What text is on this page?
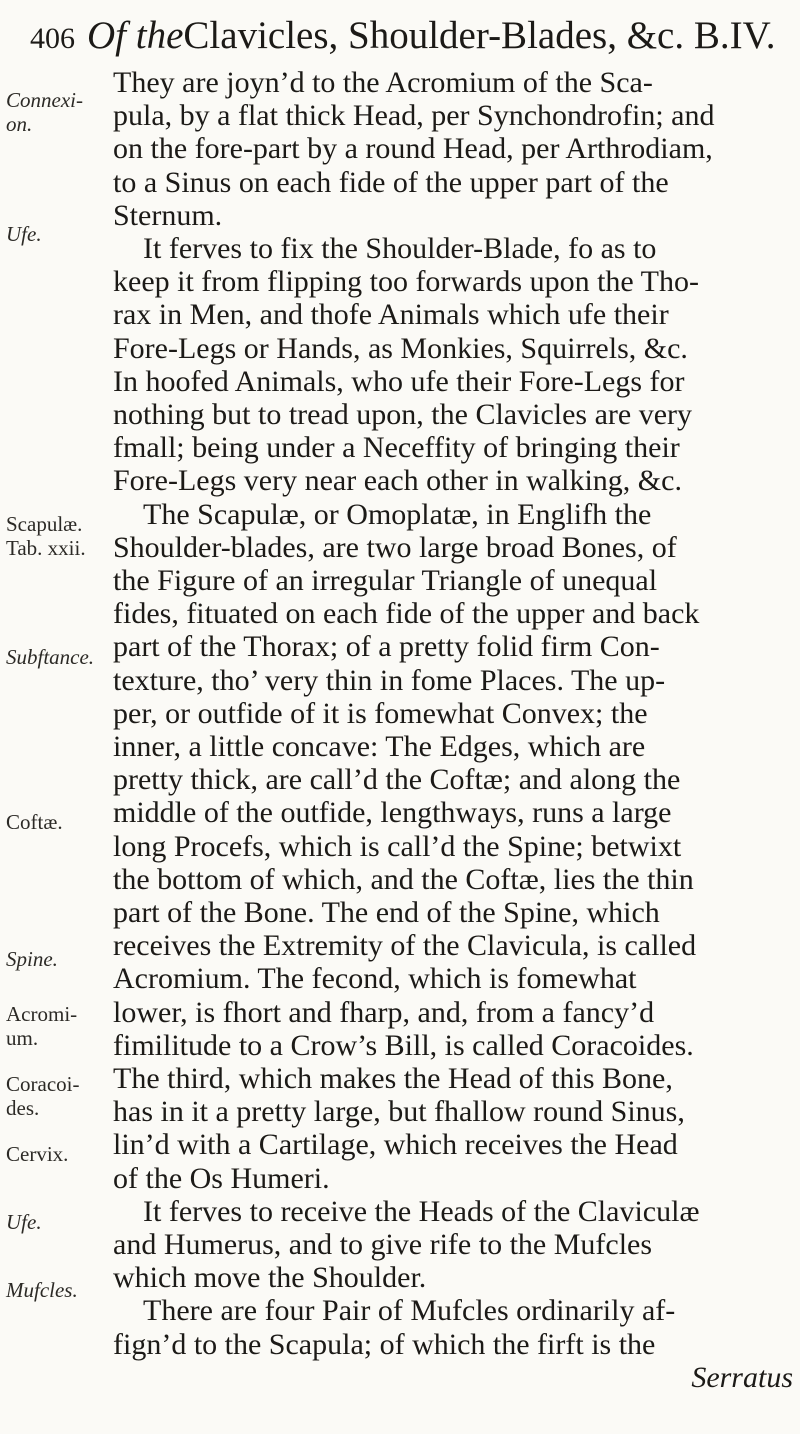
406 Of theClavicles, Shoulder-Blades, &c. B.IV.
Connexi-
on.
Ufe.
Scapulæ.
Tab. xxii.
Subftance.
Coftæ.
Spine.
Acromi-
um.
Coracoi-
des.
Cervix.
Ufe.
Mufcles.
They are joyn’d to the Acromium of the Sca-
pula, by a flat thick Head, per Synchondrofin; and
on the fore-part by a round Head, per Arthrodiam,
to a Sinus on each fide of the upper part of the
Sternum.
It ferves to fix the Shoulder-Blade, fo as to
keep it from flipping too forwards upon the Tho-
rax in Men, and thofe Animals which ufe their
Fore-Legs or Hands, as Monkies, Squirrels, &c.
In hoofed Animals, who ufe their Fore-Legs for
nothing but to tread upon, the Clavicles are very
fmall; being under a Neceffity of bringing their
Fore-Legs very near each other in walking, &c.
The Scapulæ, or Omoplatæ, in Englifh the
Shoulder-blades, are two large broad Bones, of
the Figure of an irregular Triangle of unequal
fides, fituated on each fide of the upper and back
part of the Thorax; of a pretty folid firm Con-
texture, tho’ very thin in fome Places. The up-
per, or outfide of it is fomewhat Convex; the
inner, a little concave: The Edges, which are
pretty thick, are call’d the Coftæ; and along the
middle of the outfide, lengthways, runs a large
long Procefs, which is call’d the Spine; betwixt
the bottom of which, and the Coftæ, lies the thin
part of the Bone. The end of the Spine, which
receives the Extremity of the Clavicula, is called
Acromium. The fecond, which is fomewhat
lower, is fhort and fharp, and, from a fancy’d
fimilitude to a Crow’s Bill, is called Coracoides.
The third, which makes the Head of this Bone,
has in it a pretty large, but fhallow round Sinus,
lin’d with a Cartilage, which receives the Head
of the Os Humeri.
It ferves to receive the Heads of the Claviculæ
and Humerus, and to give rife to the Mufcles
which move the Shoulder.
There are four Pair of Mufcles ordinarily af-
fign’d to the Scapula; of which the firft is the
Serratus
